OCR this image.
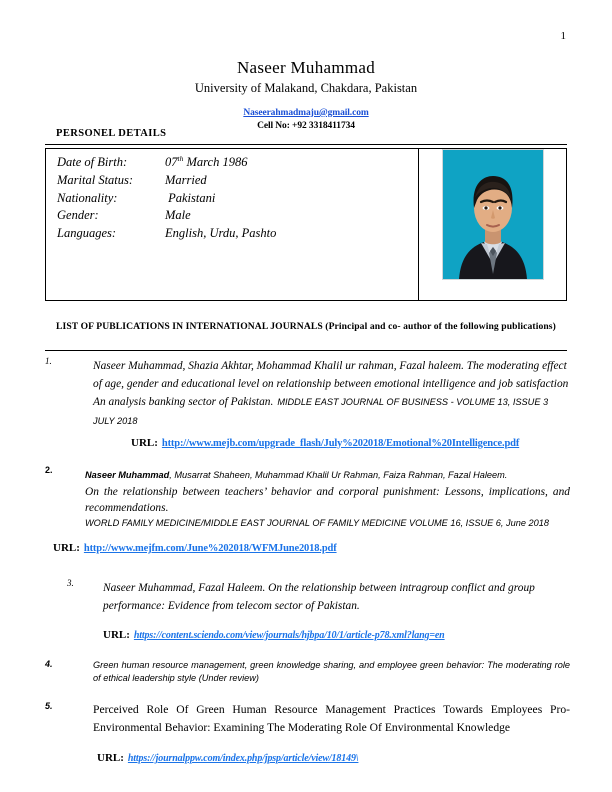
1
Naseer Muhammad
University of Malakand, Chakdara, Pakistan
Naseerahmadmaju@gmail.com
Cell No: +92 3318411734
PERSONEL DETAILS
Date of Birth:	07th March 1986
Marital Status:	Married
Nationality:	Pakistani
Gender:	Male
Languages:	English, Urdu, Pashto

LIST OF PUBLICATIONS IN INTERNATIONAL JOURNALS (Principal and co- author of the following publications)
1.	Naseer Muhammad, Shazia Akhtar, Mohammad Khalil ur rahman, Fazal haleem. The moderating effect of age, gender and educational level on relationship between emotional intelligence and job satisfaction An analysis banking sector of Pakistan. MIDDLE EAST JOURNAL OF BUSINESS - VOLUME 13, ISSUE 3 JULY 2018
URL: http://www.mejb.com/upgrade_flash/July%202018/Emotional%20Intelligence.pdf
2.	Naseer Muhammad, Musarrat Shaheen, Muhammad Khalil Ur Rahman, Faiza Rahman, Fazal Haleem.
On the relationship between teachers’ behavior and corporal punishment: Lessons, implications, and recommendations.
WORLD FAMILY MEDICINE/MIDDLE EAST JOURNAL OF FAMILY MEDICINE VOLUME 16, ISSUE 6, June 2018
URL: http://www.mejfm.com/June%202018/WFMJune2018.pdf
3.	Naseer Muhammad, Fazal Haleem. On the relationship between intragroup conflict and group performance: Evidence from telecom sector of Pakistan.
URL: https://content.sciendo.com/view/journals/hjbpa/10/1/article-p78.xml?lang=en
4.	Green human resource management, green knowledge sharing, and employee green behavior: The moderating role of ethical leadership style (Under review)
5.	Perceived Role Of Green Human Resource Management Practices Towards Employees Pro-Environmental Behavior: Examining The Moderating Role Of Environmental Knowledge
URL: https://journalppw.com/index.php/jpsp/article/view/18149\
